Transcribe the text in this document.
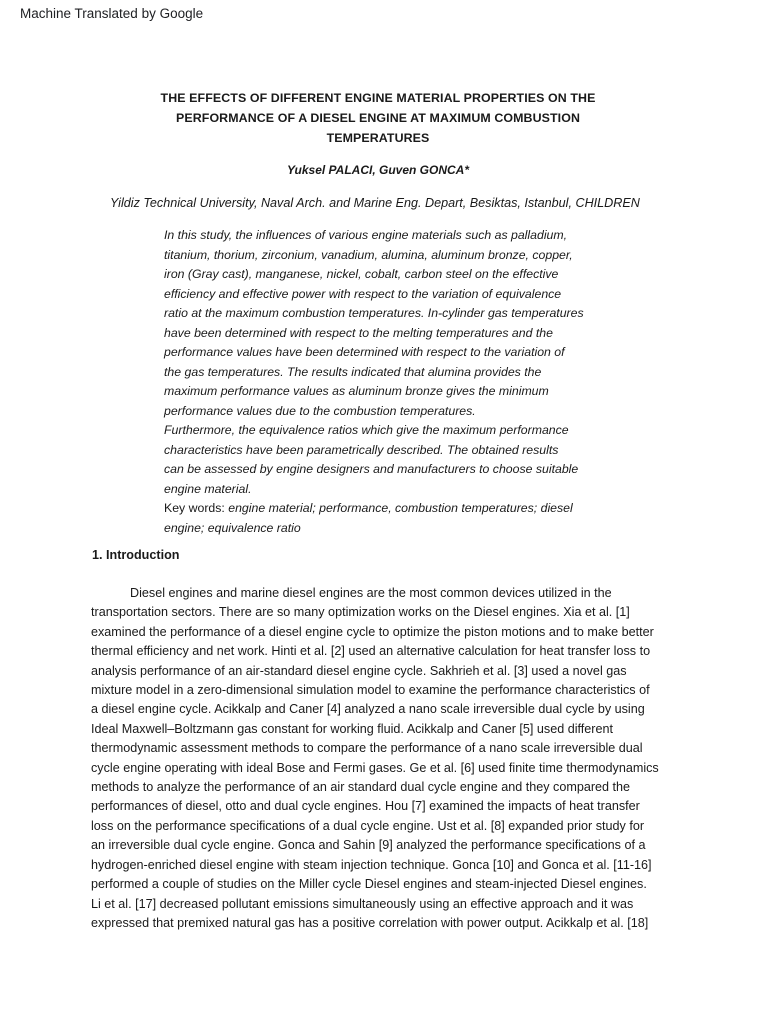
Machine Translated by Google
THE EFFECTS OF DIFFERENT ENGINE MATERIAL PROPERTIES ON THE
PERFORMANCE OF A DIESEL ENGINE AT MAXIMUM COMBUSTION
TEMPERATURES
Yuksel PALACI, Guven GONCA*
Yildiz Technical University, Naval Arch. and Marine Eng. Depart, Besiktas, Istanbul, CHILDREN
In this study, the influences of various engine materials such as palladium,
titanium, thorium, zirconium, vanadium, alumina, aluminum bronze, copper,
iron (Gray cast), manganese, nickel, cobalt, carbon steel on the effective
efficiency and effective power with respect to the variation of equivalence
ratio at the maximum combustion temperatures. In-cylinder gas temperatures
have been determined with respect to the melting temperatures and the
performance values have been determined with respect to the variation of
the gas temperatures. The results indicated that alumina provides the
maximum performance values as aluminum bronze gives the minimum
performance values due to the combustion temperatures.
Furthermore, the equivalence ratios which give the maximum performance
characteristics have been parametrically described. The obtained results
can be assessed by engine designers and manufacturers to choose suitable
engine material.
Key words: engine material; performance, combustion temperatures; diesel
engine; equivalence ratio
1. Introduction
Diesel engines and marine diesel engines are the most common devices utilized in the
transportation sectors. There are so many optimization works on the Diesel engines. Xia et al. [1]
examined the performance of a diesel engine cycle to optimize the piston motions and to make better
thermal efficiency and net work. Hinti et al. [2] used an alternative calculation for heat transfer loss to
analysis performance of an air-standard diesel engine cycle. Sakhrieh et al. [3] used a novel gas
mixture model in a zero-dimensional simulation model to examine the performance characteristics of
a diesel engine cycle. Acikkalp and Caner [4] analyzed a nano scale irreversible dual cycle by using
Ideal Maxwell–Boltzmann gas constant for working fluid. Acikkalp and Caner [5] used different
thermodynamic assessment methods to compare the performance of a nano scale irreversible dual
cycle engine operating with ideal Bose and Fermi gases. Ge et al. [6] used finite time thermodynamics
methods to analyze the performance of an air standard dual cycle engine and they compared the
performances of diesel, otto and dual cycle engines. Hou [7] examined the impacts of heat transfer
loss on the performance specifications of a dual cycle engine. Ust et al. [8] expanded prior study for
an irreversible dual cycle engine. Gonca and Sahin [9] analyzed the performance specifications of a
hydrogen-enriched diesel engine with steam injection technique. Gonca [10] and Gonca et al. [11-16]
performed a couple of studies on the Miller cycle Diesel engines and steam-injected Diesel engines.
Li et al. [17] decreased pollutant emissions simultaneously using an effective approach and it was
expressed that premixed natural gas has a positive correlation with power output. Acikkalp et al. [18]
